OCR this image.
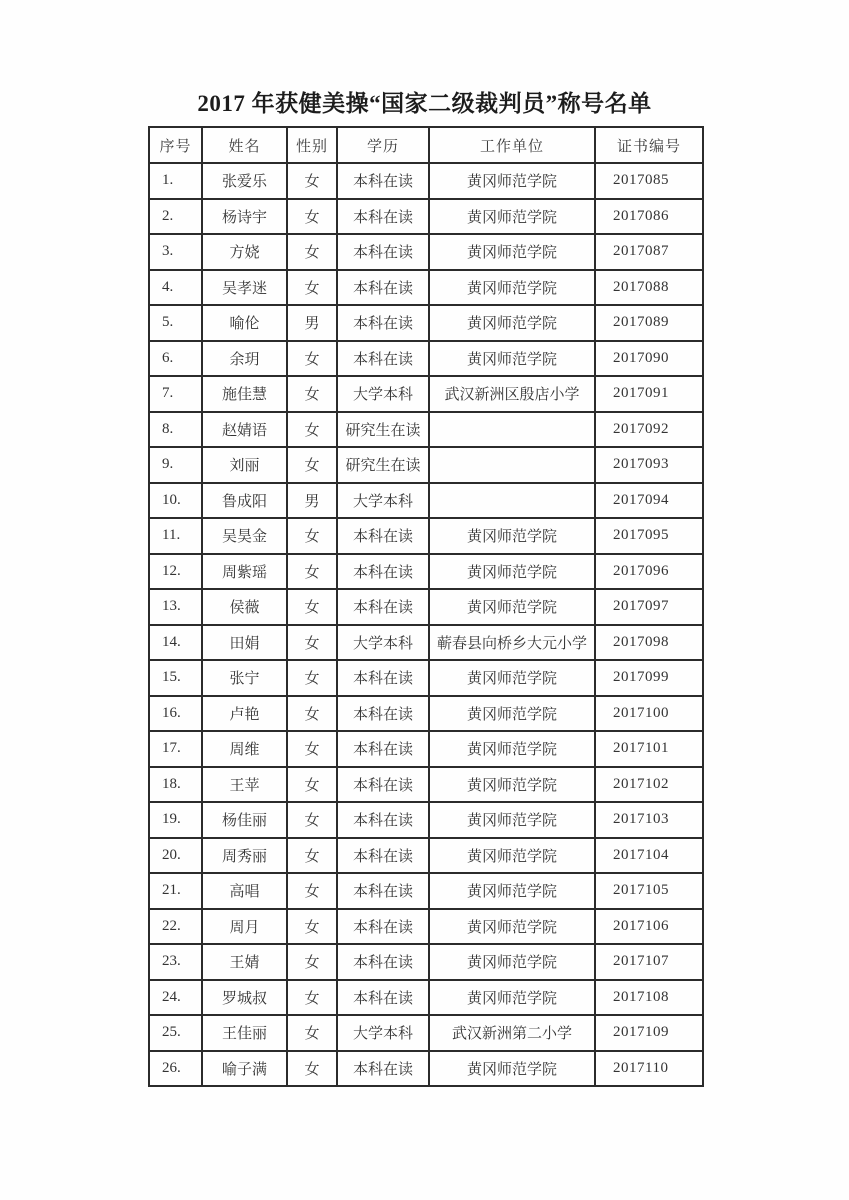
2017 年获健美操“国家二级裁判员”称号名单
序号	姓名	性别	学历	工作单位	证书编号
1.	张爱乐	女	本科在读	黄冈师范学院	2017085
2.	杨诗宇	女	本科在读	黄冈师范学院	2017086
3.	方娆	女	本科在读	黄冈师范学院	2017087
4.	吴孝迷	女	本科在读	黄冈师范学院	2017088
5.	喻伦	男	本科在读	黄冈师范学院	2017089
6.	余玥	女	本科在读	黄冈师范学院	2017090
7.	施佳慧	女	大学本科	武汉新洲区殷店小学	2017091
8.	赵婧语	女	研究生在读		2017092
9.	刘丽	女	研究生在读		2017093
10.	鲁成阳	男	大学本科		2017094
11.	吴昊金	女	本科在读	黄冈师范学院	2017095
12.	周紫瑶	女	本科在读	黄冈师范学院	2017096
13.	侯薇	女	本科在读	黄冈师范学院	2017097
14.	田娟	女	大学本科	蕲春县向桥乡大元小学	2017098
15.	张宁	女	本科在读	黄冈师范学院	2017099
16.	卢艳	女	本科在读	黄冈师范学院	2017100
17.	周维	女	本科在读	黄冈师范学院	2017101
18.	王苹	女	本科在读	黄冈师范学院	2017102
19.	杨佳丽	女	本科在读	黄冈师范学院	2017103
20.	周秀丽	女	本科在读	黄冈师范学院	2017104
21.	高唱	女	本科在读	黄冈师范学院	2017105
22.	周月	女	本科在读	黄冈师范学院	2017106
23.	王婧	女	本科在读	黄冈师范学院	2017107
24.	罗城叔	女	本科在读	黄冈师范学院	2017108
25.	王佳丽	女	大学本科	武汉新洲第二小学	2017109
26.	喻子满	女	本科在读	黄冈师范学院	2017110
